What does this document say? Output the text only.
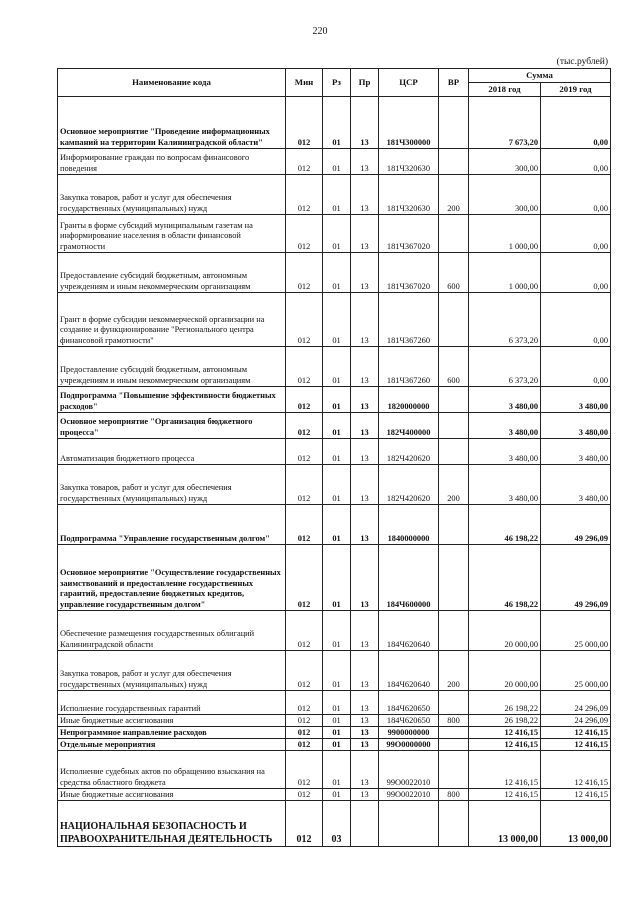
220
(тыс.рублей)
Наименование кода	Мин	Рз	Пр	ЦСР	ВР	Сумма	
						2018 год	2019 год
Основное мероприятие "Проведение информационных кампаний на территории Калининградской области"	012	01	13	181Ч300000		7 673,20	0,00
Информирование граждан по вопросам финансового поведения	012	01	13	181Ч320630		300,00	0,00
Закупка товаров, работ и услуг для обеспечения государственных (муниципальных) нужд	012	01	13	181Ч320630	200	300,00	0,00
Гранты в форме субсидий муниципальным газетам на информирование населения в области финансовой грамотности	012	01	13	181Ч367020		1 000,00	0,00
Предоставление субсидий бюджетным, автономным учреждениям и иным некоммерческим организациям	012	01	13	181Ч367020	600	1 000,00	0,00
Грант в форме субсидии некоммерческой организации на создание и функционирование "Регионального центра финансовой грамотности"	012	01	13	181Ч367260		6 373,20	0,00
Предоставление субсидий бюджетным, автономным учреждениям и иным некоммерческим организациям	012	01	13	181Ч367260	600	6 373,20	0,00
Подпрограмма "Повышение эффективности бюджетных расходов"	012	01	13	1820000000		3 480,00	3 480,00
Основное мероприятие "Организация бюджетного процесса"	012	01	13	182Ч400000		3 480,00	3 480,00
Автоматизация бюджетного процесса	012	01	13	182Ч420620		3 480,00	3 480,00
Закупка товаров, работ и услуг для обеспечения государственных (муниципальных) нужд	012	01	13	182Ч420620	200	3 480,00	3 480,00
Подпрограмма "Управление государственным долгом"	012	01	13	1840000000		46 198,22	49 296,09
Основное мероприятие "Осуществление государственных заимствований и предоставление государственных гарантий, предоставление бюджетных кредитов, управление государственным долгом"	012	01	13	184Ч600000		46 198,22	49 296,09
Обеспечение размещения государственных облигаций Калининградской области	012	01	13	184Ч620640		20 000,00	25 000,00
Закупка товаров, работ и услуг для обеспечения государственных (муниципальных) нужд	012	01	13	184Ч620640	200	20 000,00	25 000,00
Исполнение государственных гарантий	012	01	13	184Ч620650		26 198,22	24 296,09
Иные бюджетные ассигнования	012	01	13	184Ч620650	800	26 198,22	24 296,09
Непрограммное направление расходов	012	01	13	9900000000		12 416,15	12 416,15
Отдельные мероприятия	012	01	13	99О0000000		12 416,15	12 416,15
Исполнение судебных актов по обращению взыскания на средства областного бюджета	012	01	13	99О0022010		12 416,15	12 416,15
Иные бюджетные ассигнования	012	01	13	99О0022010	800	12 416,15	12 416,15
НАЦИОНАЛЬНАЯ БЕЗОПАСНОСТЬ И ПРАВООХРАНИТЕЛЬНАЯ ДЕЯТЕЛЬНОСТЬ	012	03				13 000,00	13 000,00
